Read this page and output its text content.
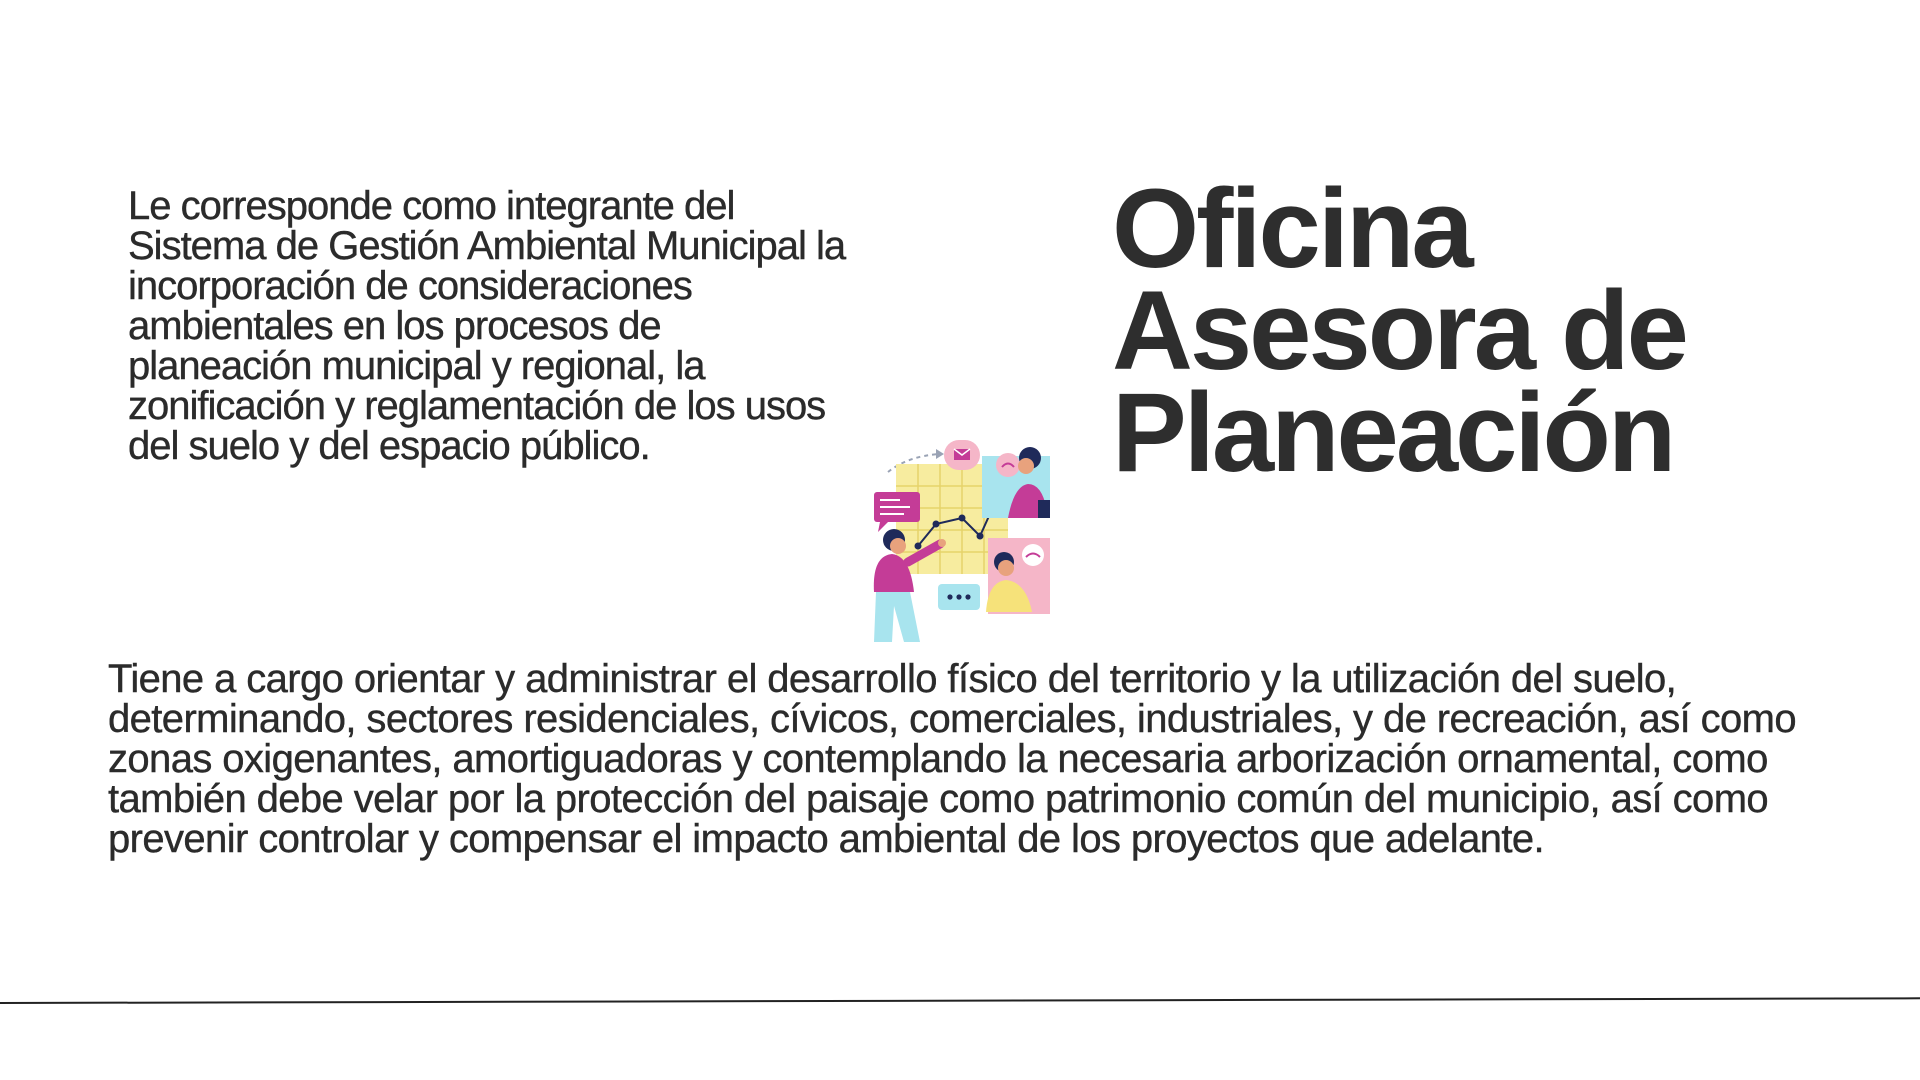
Le corresponde como integrante del Sistema de Gestión Ambiental Municipal la incorporación de consideraciones ambientales en los procesos de planeación municipal y regional, la zonificación y reglamentación de los usos del suelo y del espacio público.

Oficina
Asesora de
Planeación

Tiene a cargo orientar y administrar el desarrollo físico del territorio y la utilización del suelo, determinando, sectores residenciales, cívicos, comerciales, industriales, y de recreación, así como zonas oxigenantes, amortiguadoras y contemplando la necesaria arborización ornamental, como también debe velar por la protección del paisaje como patrimonio común del municipio, así como prevenir controlar y compensar el impacto ambiental de los proyectos que adelante.
